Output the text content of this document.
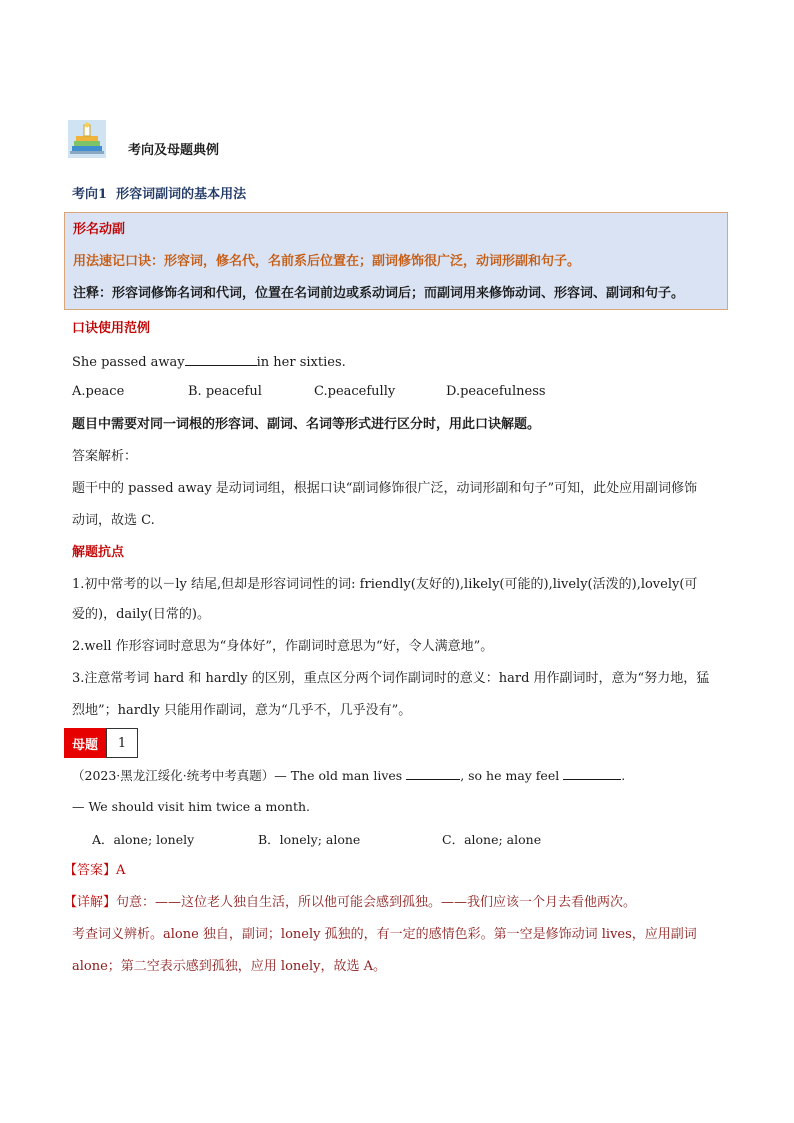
考向及母题典例
考向1 形容词副词的基本用法
形名动副
用法速记口诀：形容词，修名代，名前系后位置在；副词修饰很广泛，动词形副和句子。
注释：形容词修饰名词和代词，位置在名词前边或系动词后；而副词用来修饰动词、形容词、副词和句子。
口诀使用范例
She passed away	in her sixties.
A.peace	B. peaceful	C.peacefully	D.peacefulness
题目中需要对同一词根的形容词、副词、名词等形式进行区分时，用此口诀解题。
答案解析：
题干中的 passed away 是动词词组，根据口诀“副词修饰很广泛，动词形副和句子”可知，此处应用副词修饰
动词，故选 C.
解题抗点
1.初中常考的以－ly 结尾,但却是形容词词性的词: friendly(友好的),likely(可能的),lively(活泼的),lovely(可
爱的)，daily(日常的)。
2.well 作形容词时意思为“身体好”，作副词时意思为“好，令人满意地”。
3.注意常考词 hard 和 hardly 的区别，重点区分两个词作副词时的意义：hard 用作副词时，意为“努力地，猛
烈地”；hardly 只能用作副词，意为“几乎不，几乎没有”。
母题	1
（2023·黑龙江绥化·统考中考真题）— The old man lives	, so he may feel	.
— We should visit him twice a month.
A．alone; lonely	B．lonely; alone	C．alone; alone
【答案】A
【详解】句意：——这位老人独自生活，所以他可能会感到孤独。——我们应该一个月去看他两次。
考查词义辨析。alone 独自，副词；lonely 孤独的，有一定的感情色彩。第一空是修饰动词 lives，应用副词
alone；第二空表示感到孤独，应用 lonely，故选 A。
